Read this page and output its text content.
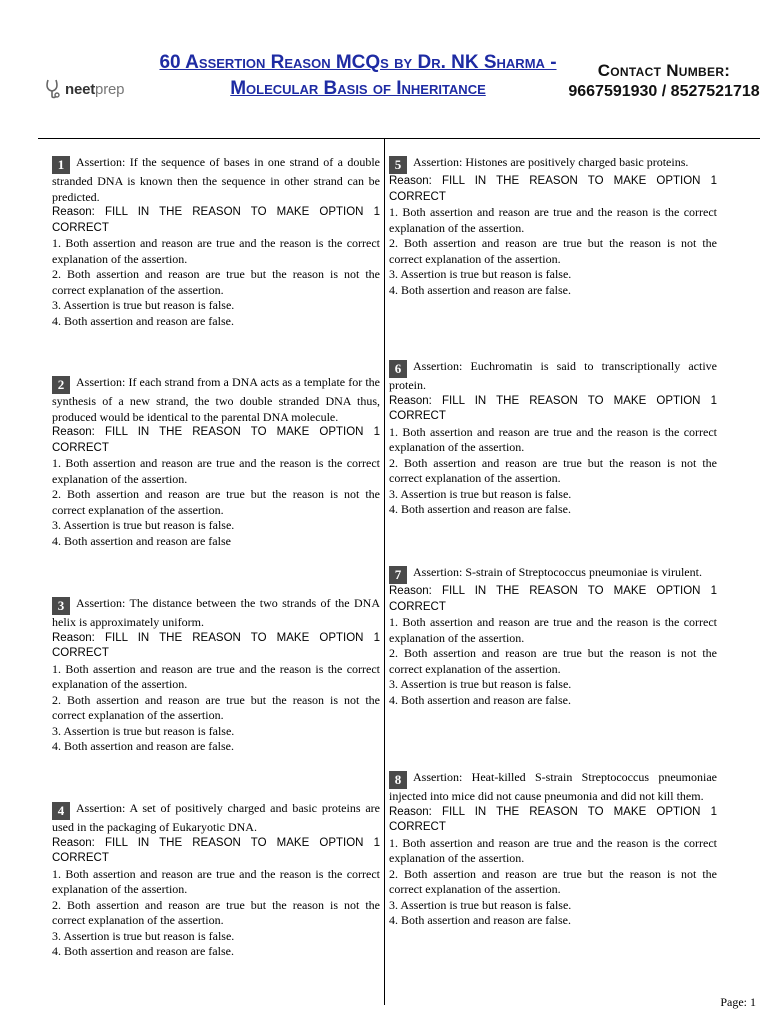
neetprep
60 Assertion Reason MCQs by Dr. NK Sharma - Molecular Basis of Inheritance
Contact Number:
9667591930 / 8527521718
1 Assertion: If the sequence of bases in one strand of a double stranded DNA is known then the sequence in other strand can be predicted.
Reason: FILL IN THE REASON TO MAKE OPTION 1 CORRECT
1. Both assertion and reason are true and the reason is the correct explanation of the assertion.
2. Both assertion and reason are true but the reason is not the correct explanation of the assertion.
3. Assertion is true but reason is false.
4. Both assertion and reason are false.
2 Assertion: If each strand from a DNA acts as a template for the synthesis of a new strand, the two double stranded DNA thus, produced would be identical to the parental DNA molecule.
Reason: FILL IN THE REASON TO MAKE OPTION 1 CORRECT
1. Both assertion and reason are true and the reason is the correct explanation of the assertion.
2. Both assertion and reason are true but the reason is not the correct explanation of the assertion.
3. Assertion is true but reason is false.
4. Both assertion and reason are false
3 Assertion: The distance between the two strands of the DNA helix is approximately uniform.
Reason: FILL IN THE REASON TO MAKE OPTION 1 CORRECT
1. Both assertion and reason are true and the reason is the correct explanation of the assertion.
2. Both assertion and reason are true but the reason is not the correct explanation of the assertion.
3. Assertion is true but reason is false.
4. Both assertion and reason are false.
4 Assertion: A set of positively charged and basic proteins are used in the packaging of Eukaryotic DNA.
Reason: FILL IN THE REASON TO MAKE OPTION 1 CORRECT
1. Both assertion and reason are true and the reason is the correct explanation of the assertion.
2. Both assertion and reason are true but the reason is not the correct explanation of the assertion.
3. Assertion is true but reason is false.
4. Both assertion and reason are false.
5 Assertion: Histones are positively charged basic proteins.
Reason: FILL IN THE REASON TO MAKE OPTION 1 CORRECT
1. Both assertion and reason are true and the reason is the correct explanation of the assertion.
2. Both assertion and reason are true but the reason is not the correct explanation of the assertion.
3. Assertion is true but reason is false.
4. Both assertion and reason are false.
6 Assertion: Euchromatin is said to transcriptionally active protein.
Reason: FILL IN THE REASON TO MAKE OPTION 1 CORRECT
1. Both assertion and reason are true and the reason is the correct explanation of the assertion.
2. Both assertion and reason are true but the reason is not the correct explanation of the assertion.
3. Assertion is true but reason is false.
4. Both assertion and reason are false.
7 Assertion: S-strain of Streptococcus pneumoniae is virulent.
Reason: FILL IN THE REASON TO MAKE OPTION 1 CORRECT
1. Both assertion and reason are true and the reason is the correct explanation of the assertion.
2. Both assertion and reason are true but the reason is not the correct explanation of the assertion.
3. Assertion is true but reason is false.
4. Both assertion and reason are false.
8 Assertion: Heat-killed S-strain Streptococcus pneumoniae injected into mice did not cause pneumonia and did not kill them.
Reason: FILL IN THE REASON TO MAKE OPTION 1 CORRECT
1. Both assertion and reason are true and the reason is the correct explanation of the assertion.
2. Both assertion and reason are true but the reason is not the correct explanation of the assertion.
3. Assertion is true but reason is false.
4. Both assertion and reason are false.
Page: 1
